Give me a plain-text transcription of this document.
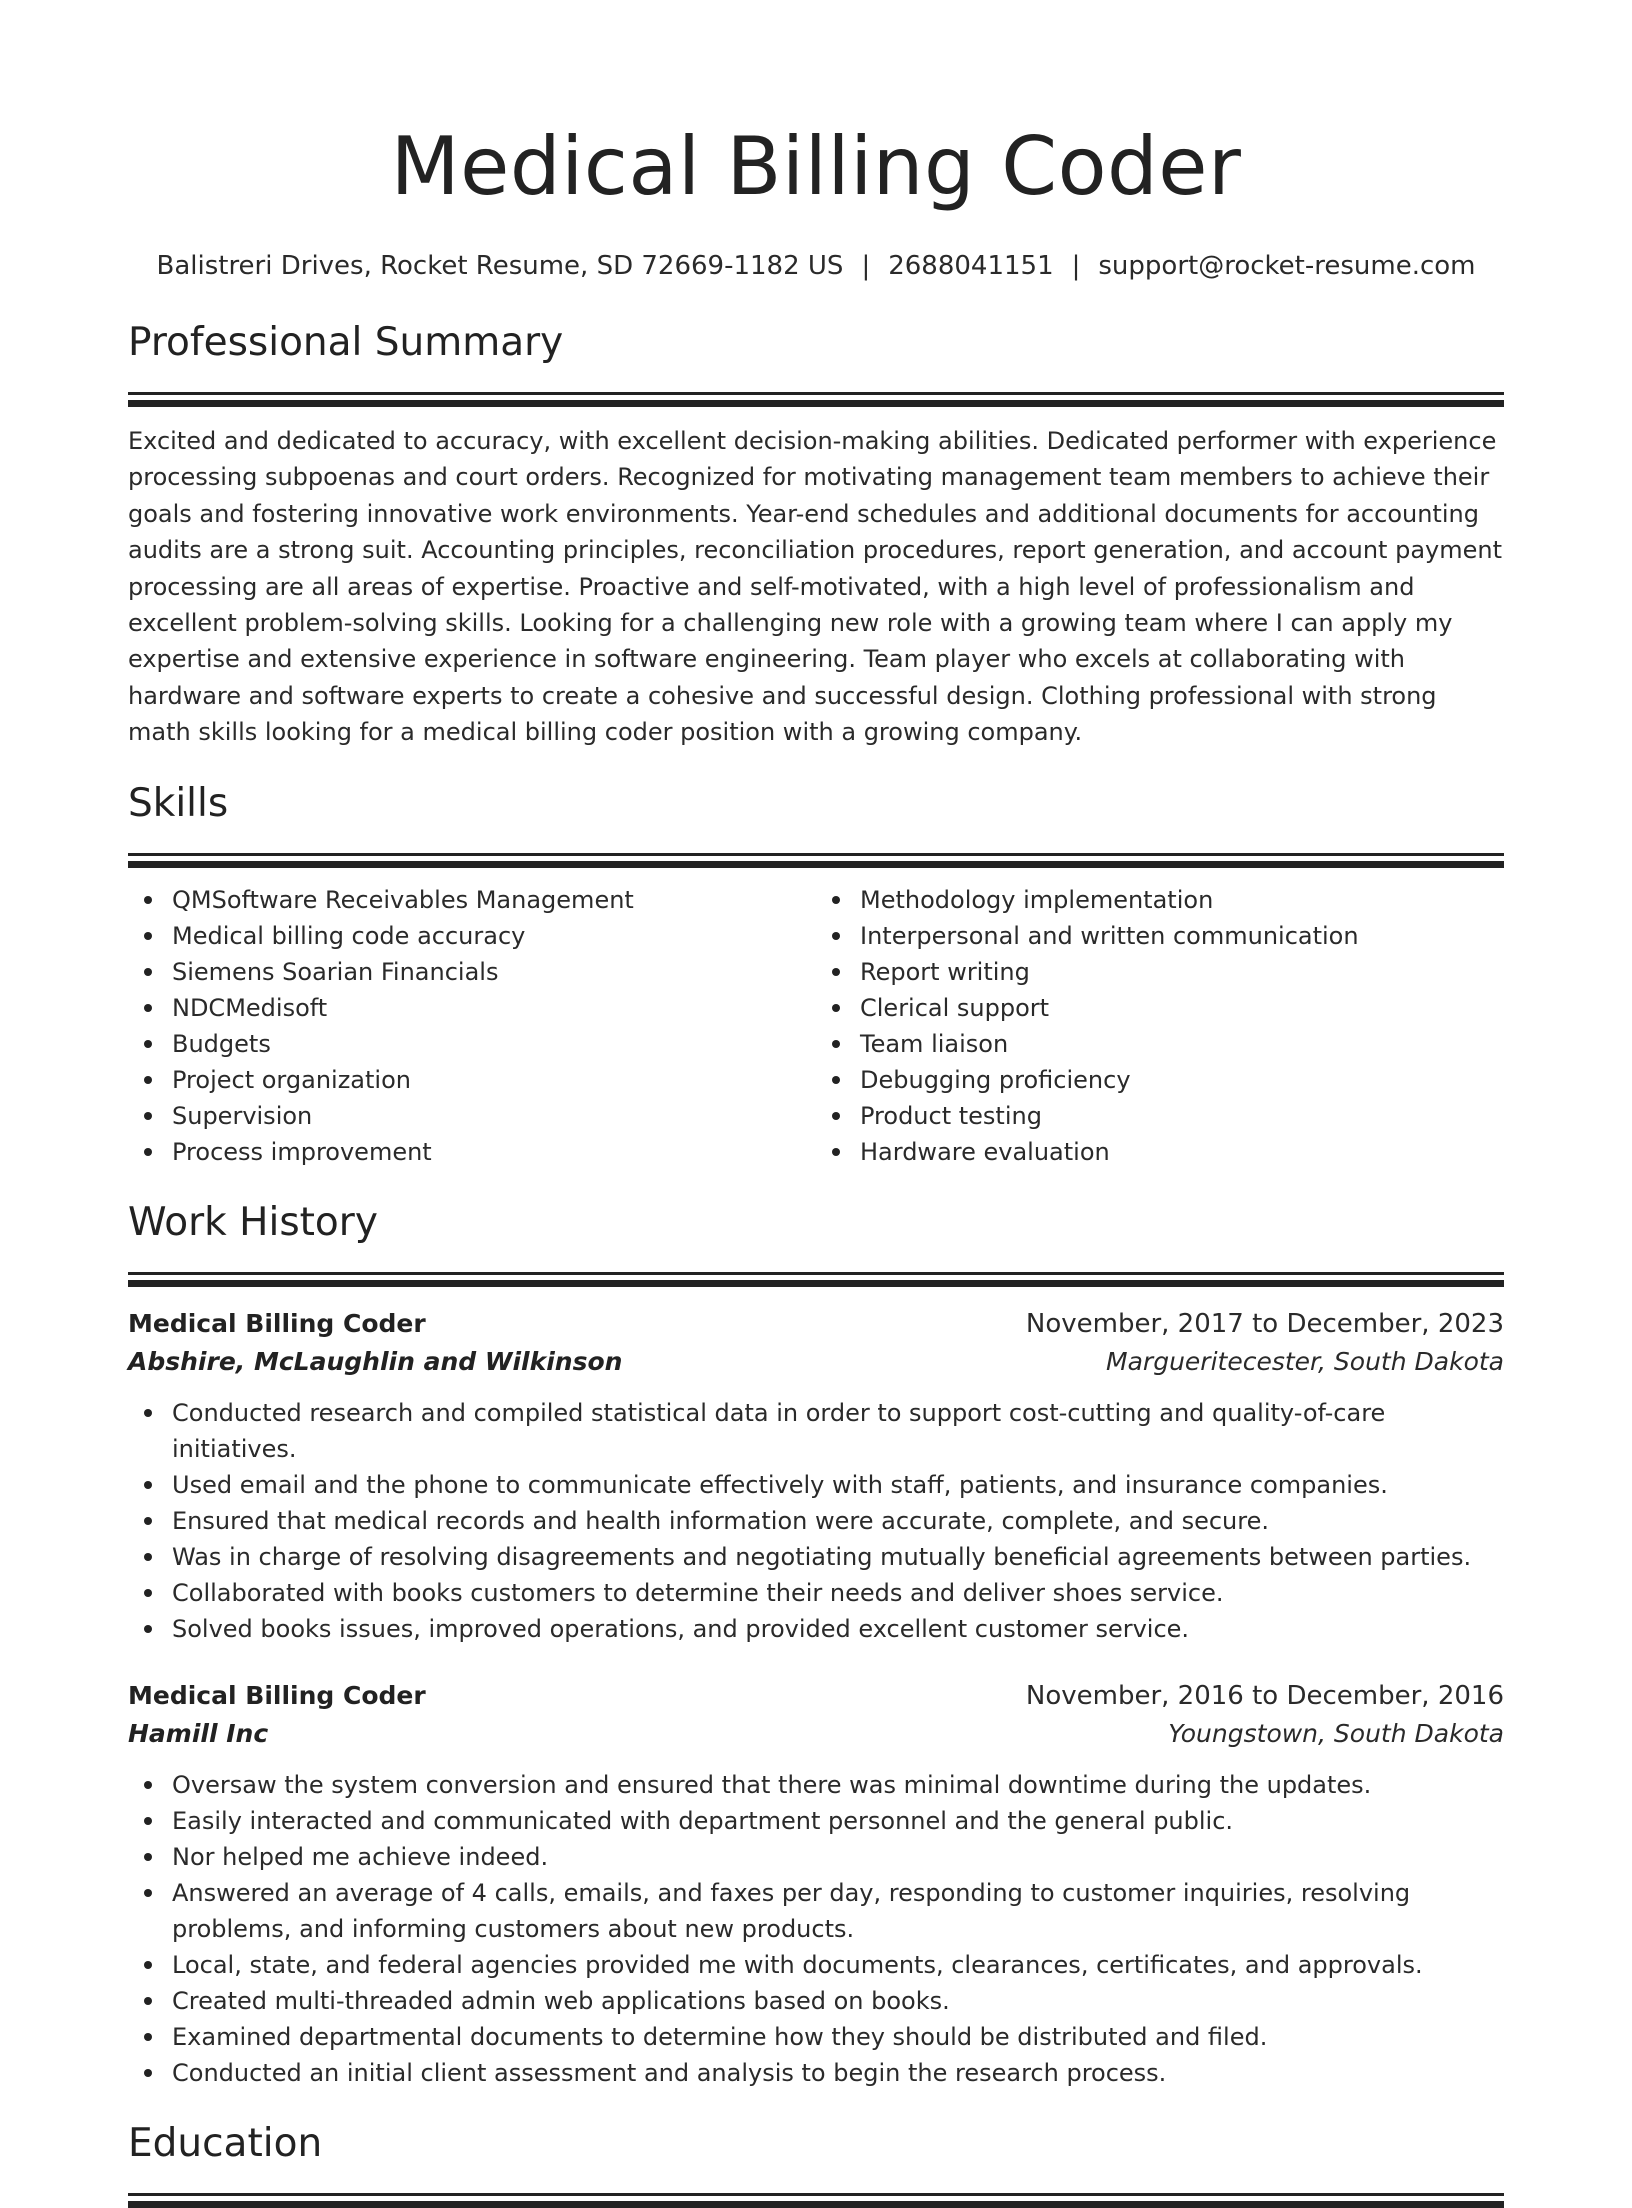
Medical Billing Coder
Balistreri Drives, Rocket Resume, SD 72669-1182 US | 2688041151 | support@rocket-resume.com
Professional Summary
Excited and dedicated to accuracy, with excellent decision-making abilities. Dedicated performer with experience processing subpoenas and court orders. Recognized for motivating management team members to achieve their goals and fostering innovative work environments. Year-end schedules and additional documents for accounting audits are a strong suit. Accounting principles, reconciliation procedures, report generation, and account payment processing are all areas of expertise. Proactive and self-motivated, with a high level of professionalism and excellent problem-solving skills. Looking for a challenging new role with a growing team where I can apply my expertise and extensive experience in software engineering. Team player who excels at collaborating with hardware and software experts to create a cohesive and successful design. Clothing professional with strong math skills looking for a medical billing coder position with a growing company.
Skills
QMSoftware Receivables Management
Medical billing code accuracy
Siemens Soarian Financials
NDCMedisoft
Budgets
Project organization
Supervision
Process improvement
Methodology implementation
Interpersonal and written communication
Report writing
Clerical support
Team liaison
Debugging proficiency
Product testing
Hardware evaluation
Work History
Medical Billing Coder	November, 2017 to December, 2023
Abshire, McLaughlin and Wilkinson	Margueritecester, South Dakota
Conducted research and compiled statistical data in order to support cost-cutting and quality-of-care initiatives.
Used email and the phone to communicate effectively with staff, patients, and insurance companies.
Ensured that medical records and health information were accurate, complete, and secure.
Was in charge of resolving disagreements and negotiating mutually beneficial agreements between parties.
Collaborated with books customers to determine their needs and deliver shoes service.
Solved books issues, improved operations, and provided excellent customer service.
Medical Billing Coder	November, 2016 to December, 2016
Hamill Inc	Youngstown, South Dakota
Oversaw the system conversion and ensured that there was minimal downtime during the updates.
Easily interacted and communicated with department personnel and the general public.
Nor helped me achieve indeed.
Answered an average of 4 calls, emails, and faxes per day, responding to customer inquiries, resolving problems, and informing customers about new products.
Local, state, and federal agencies provided me with documents, clearances, certificates, and approvals.
Created multi-threaded admin web applications based on books.
Examined departmental documents to determine how they should be distributed and filed.
Conducted an initial client assessment and analysis to begin the research process.
Education
